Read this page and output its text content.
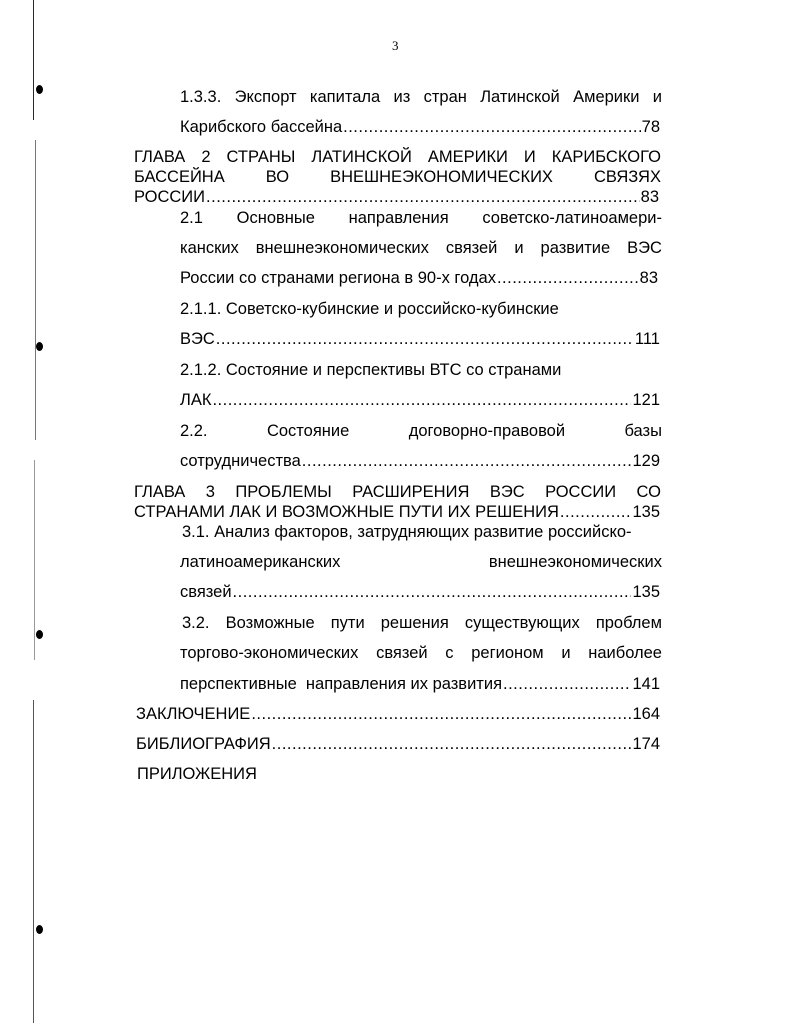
3
1.3.3. Экспорт капитала из стран Латинской Америки и
Карибского бассейна .....	78
ГЛАВА 2 СТРАНЫ ЛАТИНСКОЙ АМЕРИКИ И КАРИБСКОГО
БАССЕЙНА ВО ВНЕШНЕЭКОНОМИЧЕСКИХ СВЯЗЯХ
РОССИИ .....	83
2.1 Основные направления советско-латиноамери-
канских внешнеэкономических связей и развитие ВЭС
России со странами региона в 90-х годах .....	83
2.1.1. Советско-кубинские и российско-кубинские
ВЭС .....	111
2.1.2. Состояние и перспективы ВТС со странами
ЛАК .....	121
2.2.	Состояние	договорно-правовой	базы
сотрудничества .....	129
ГЛАВА 3 ПРОБЛЕМЫ РАСШИРЕНИЯ ВЭС РОССИИ СО
СТРАНАМИ ЛАК И ВОЗМОЖНЫЕ ПУТИ ИХ РЕШЕНИЯ .....	135
3.1. Анализ факторов, затрудняющих развитие российско-
латиноамериканских	внешнеэкономических
связей .....	135
3.2. Возможные пути решения существующих проблем
торгово-экономических связей с регионом и наиболее
перспективные  направления их развития .....	141
ЗАКЛЮЧЕНИЕ .....	164
БИБЛИОГРАФИЯ .....	174
ПРИЛОЖЕНИЯ
